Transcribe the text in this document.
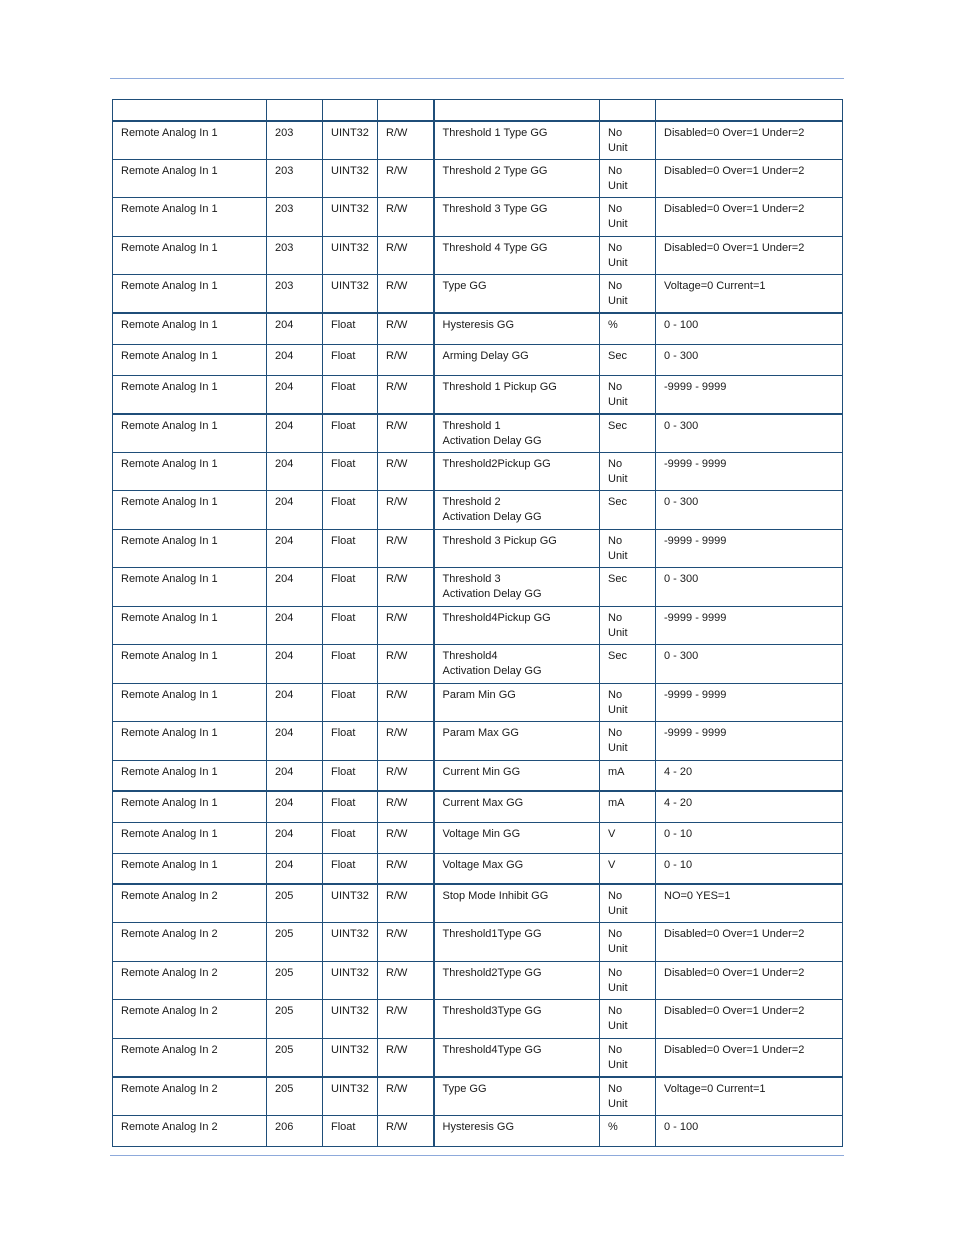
Remote Analog In 1	203	UINT32	R/W	Threshold 1 Type GG	No
Unit	Disabled=0 Over=1 Under=2
Remote Analog In 1	203	UINT32	R/W	Threshold 2 Type GG	No
Unit	Disabled=0 Over=1 Under=2
Remote Analog In 1	203	UINT32	R/W	Threshold 3 Type GG	No
Unit	Disabled=0 Over=1 Under=2
Remote Analog In 1	203	UINT32	R/W	Threshold 4 Type GG	No
Unit	Disabled=0 Over=1 Under=2
Remote Analog In 1	203	UINT32	R/W	Type GG	No
Unit	Voltage=0 Current=1
Remote Analog In 1	204	Float	R/W	Hysteresis GG	%	0 - 100
Remote Analog In 1	204	Float	R/W	Arming Delay GG	Sec	0 - 300
Remote Analog In 1	204	Float	R/W	Threshold 1 Pickup GG	No
Unit	-9999 - 9999
Remote Analog In 1	204	Float	R/W	Threshold 1
Activation Delay GG	Sec	0 - 300
Remote Analog In 1	204	Float	R/W	Threshold2Pickup GG	No
Unit	-9999 - 9999
Remote Analog In 1	204	Float	R/W	Threshold 2
Activation Delay GG	Sec	0 - 300
Remote Analog In 1	204	Float	R/W	Threshold 3 Pickup GG	No
Unit	-9999 - 9999
Remote Analog In 1	204	Float	R/W	Threshold 3
Activation Delay GG	Sec	0 - 300
Remote Analog In 1	204	Float	R/W	Threshold4Pickup GG	No
Unit	-9999 - 9999
Remote Analog In 1	204	Float	R/W	Threshold4
Activation Delay GG	Sec	0 - 300
Remote Analog In 1	204	Float	R/W	Param Min GG	No
Unit	-9999 - 9999
Remote Analog In 1	204	Float	R/W	Param Max GG	No
Unit	-9999 - 9999
Remote Analog In 1	204	Float	R/W	Current Min GG	mA	4 - 20
Remote Analog In 1	204	Float	R/W	Current Max GG	mA	4 - 20
Remote Analog In 1	204	Float	R/W	Voltage Min GG	V	0 - 10
Remote Analog In 1	204	Float	R/W	Voltage Max GG	V	0 - 10
Remote Analog In 2	205	UINT32	R/W	Stop Mode Inhibit GG	No
Unit	NO=0 YES=1
Remote Analog In 2	205	UINT32	R/W	Threshold1Type GG	No
Unit	Disabled=0 Over=1 Under=2
Remote Analog In 2	205	UINT32	R/W	Threshold2Type GG	No
Unit	Disabled=0 Over=1 Under=2
Remote Analog In 2	205	UINT32	R/W	Threshold3Type GG	No
Unit	Disabled=0 Over=1 Under=2
Remote Analog In 2	205	UINT32	R/W	Threshold4Type GG	No
Unit	Disabled=0 Over=1 Under=2
Remote Analog In 2	205	UINT32	R/W	Type GG	No
Unit	Voltage=0 Current=1
Remote Analog In 2	206	Float	R/W	Hysteresis GG	%	0 - 100
